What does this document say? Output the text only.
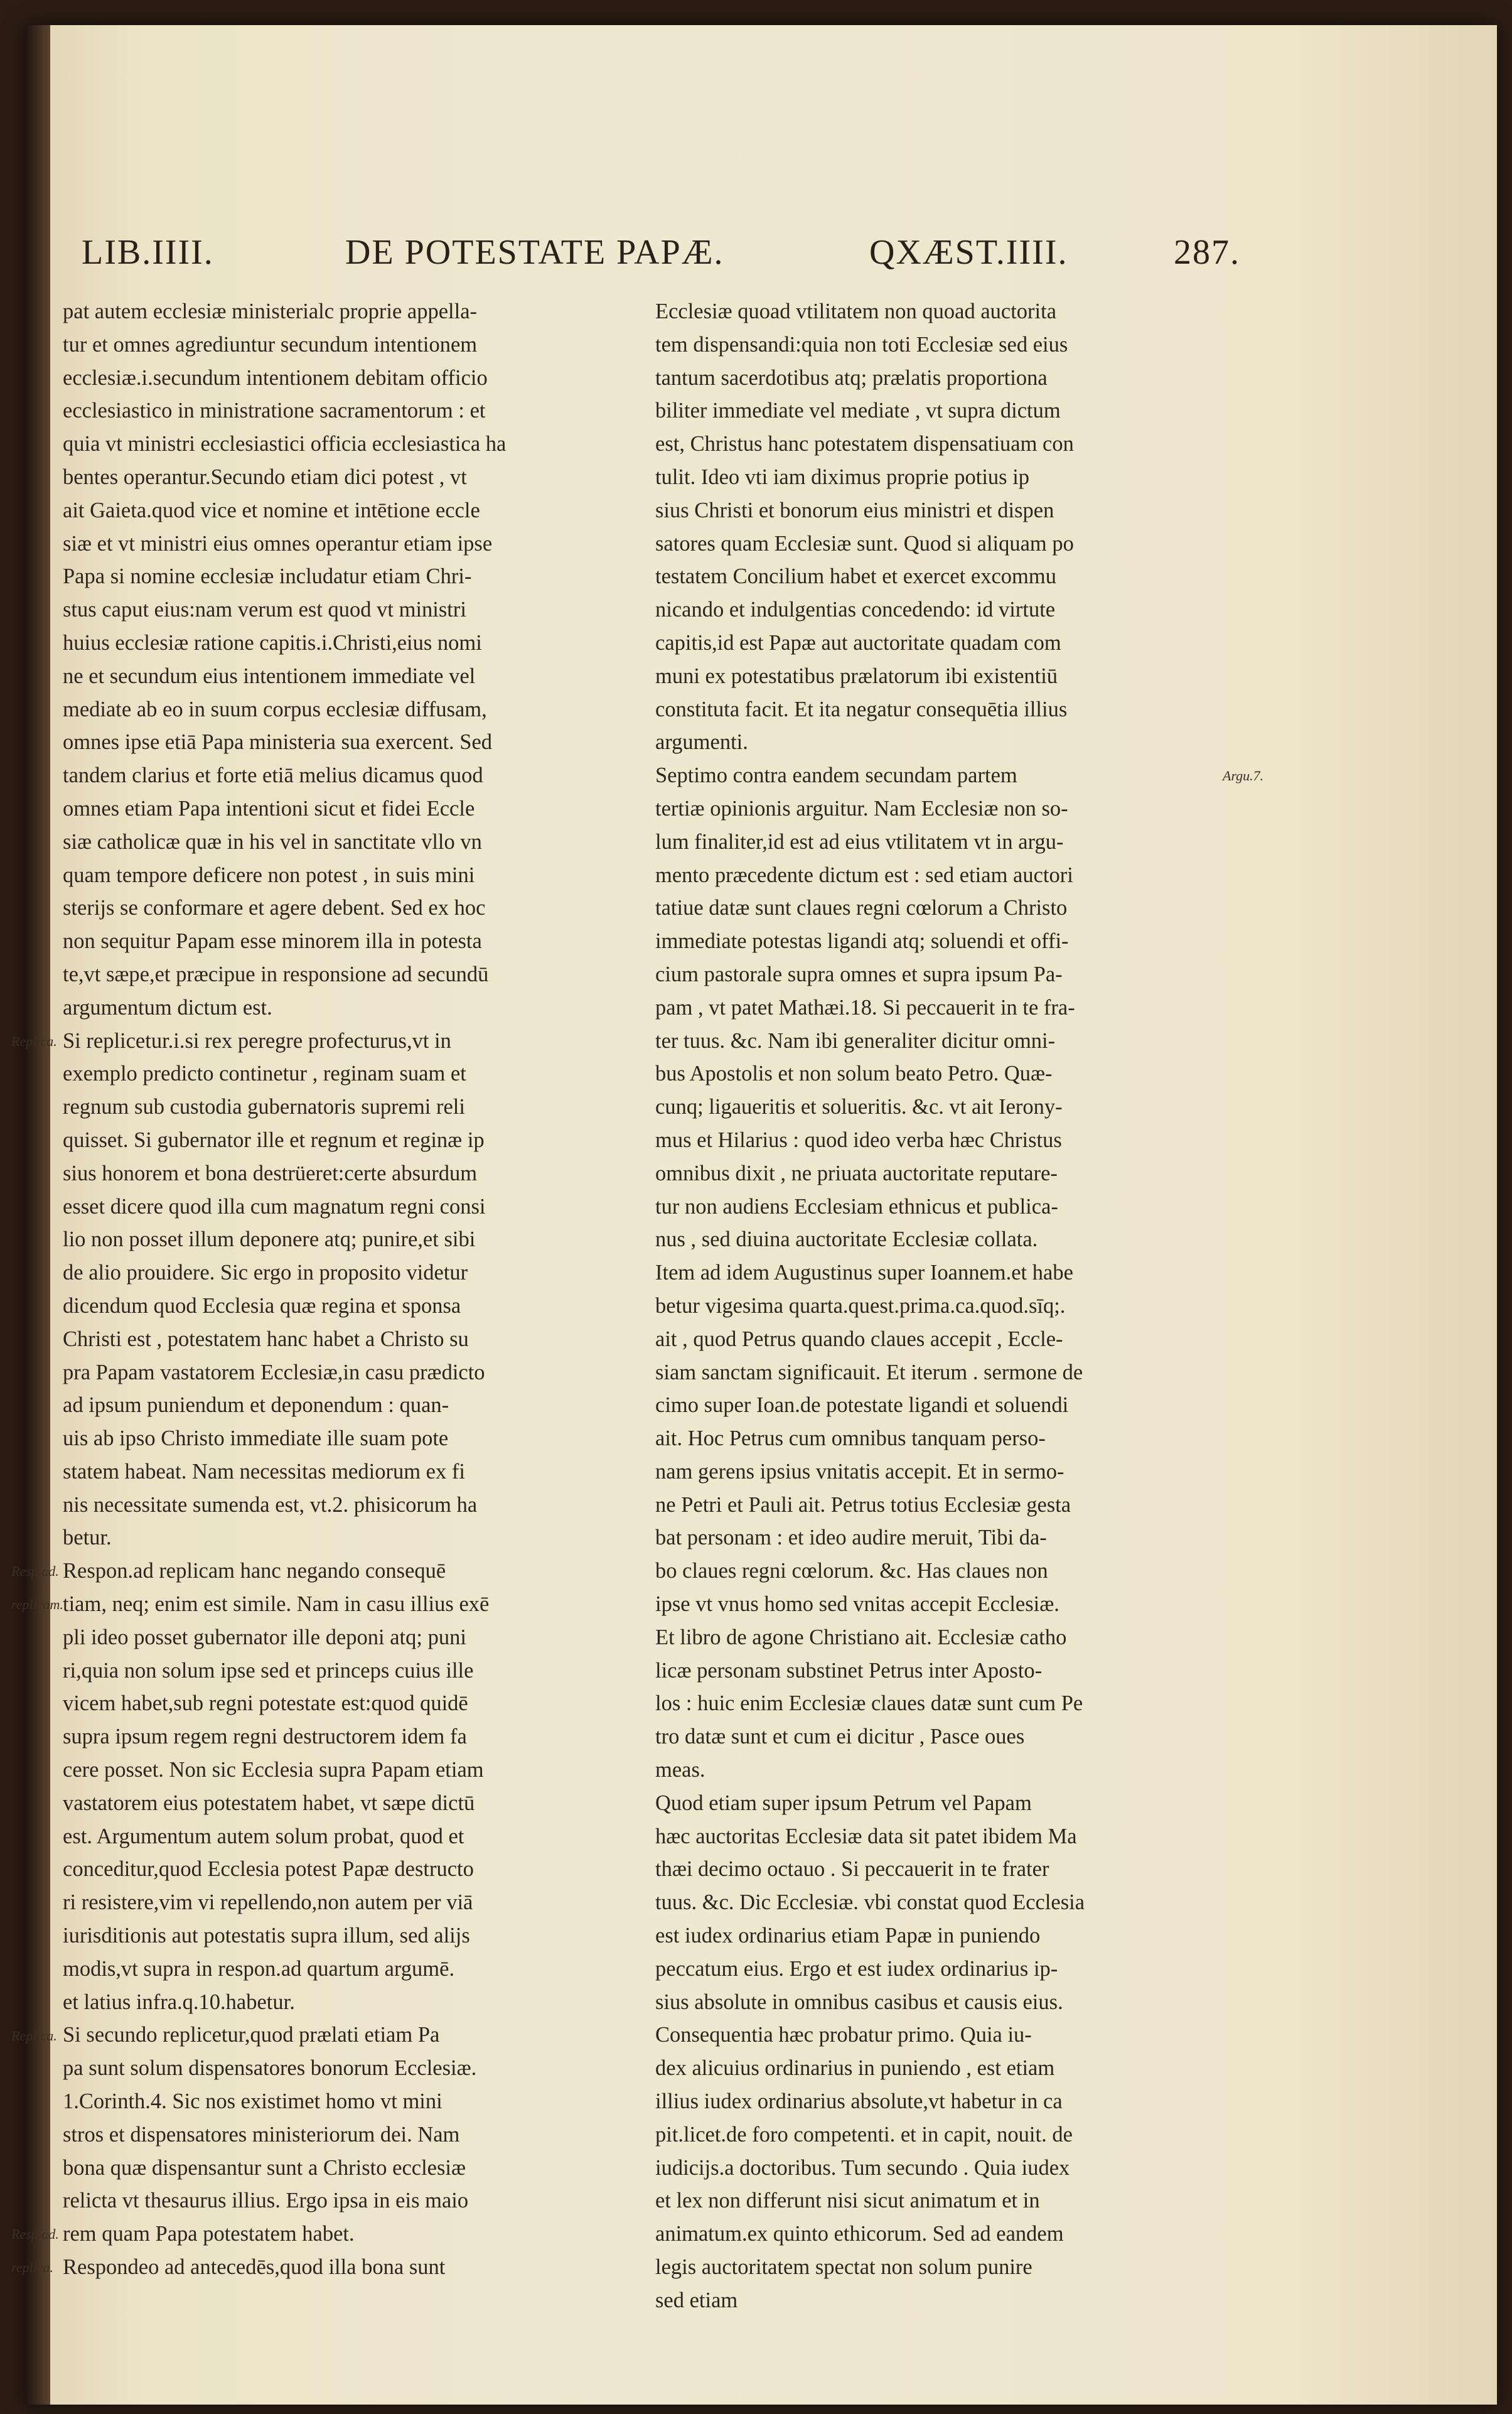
LIB.IIII.	DE POTESTATE PAPÆ.	QXÆST.IIII.	287.
pat autem ecclesiæ ministerialc proprie appella-
tur et omnes agrediuntur secundum intentionem
ecclesiæ.i.secundum intentionem debitam officio
ecclesiastico in ministratione sacramentorum : et
quia vt ministri ecclesiastici officia ecclesiastica ha
bentes operantur.Secundo etiam dici potest , vt
ait Gaieta.quod vice et nomine et intētione eccle
siæ et vt ministri eius omnes operantur etiam ipse
Papa si nomine ecclesiæ includatur etiam Chri-
stus caput eius:nam verum est quod vt ministri
huius ecclesiæ ratione capitis.i.Christi,eius nomi
ne et secundum eius intentionem immediate vel
mediate ab eo in suum corpus ecclesiæ diffusam,
omnes ipse etiā Papa ministeria sua exercent. Sed
tandem clarius et forte etiā melius dicamus quod
omnes etiam Papa intentioni sicut et fidei Eccle
siæ catholicæ quæ in his vel in sanctitate vllo vn
quam tempore deficere non potest , in suis mini
sterijs se conformare et agere debent. Sed ex hoc
non sequitur Papam esse minorem illa in potesta
te,vt sæpe,et præcipue in responsione ad secundū
argumentum dictum est.
Si replicetur.i.si rex peregre profecturus,vt in
exemplo predicto continetur , reginam suam et
regnum sub custodia gubernatoris supremi reli
quisset. Si gubernator ille et regnum et reginæ ip
sius honorem et bona destrüeret:certe absurdum
esset dicere quod illa cum magnatum regni consi
lio non posset illum deponere atq; punire,et sibi
de alio prouidere. Sic ergo in proposito videtur
dicendum quod Ecclesia quæ regina et sponsa
Christi est , potestatem hanc habet a Christo su
pra Papam vastatorem Ecclesiæ,in casu prædicto
ad ipsum puniendum et deponendum : quan-
uis ab ipso Christo immediate ille suam pote
statem habeat. Nam necessitas mediorum ex fi
nis necessitate sumenda est, vt.2. phisicorum ha
betur.
Respon.ad replicam hanc negando consequē
tiam, neq; enim est simile. Nam in casu illius exē
pli ideo posset gubernator ille deponi atq; puni
ri,quia non solum ipse sed et princeps cuius ille
vicem habet,sub regni potestate est:quod quidē
supra ipsum regem regni destructorem idem fa
cere posset. Non sic Ecclesia supra Papam etiam
vastatorem eius potestatem habet, vt sæpe dictū
est. Argumentum autem solum probat, quod et
conceditur,quod Ecclesia potest Papæ destructo
ri resistere,vim vi repellendo,non autem per viā
iurisditionis aut potestatis supra illum, sed alijs
modis,vt supra in respon.ad quartum argumē.
et latius infra.q.10.habetur.
Si secundo replicetur,quod prælati etiam Pa
pa sunt solum dispensatores bonorum Ecclesiæ.
1.Corinth.4. Sic nos existimet homo vt mini
stros et dispensatores ministeriorum dei. Nam
bona quæ dispensantur sunt a Christo ecclesiæ
relicta vt thesaurus illius. Ergo ipsa in eis maio
rem quam Papa potestatem habet.
Respondeo ad antecedēs,quod illa bona sunt
Ecclesiæ quoad vtilitatem non quoad auctorita
tem dispensandi:quia non toti Ecclesiæ sed eius
tantum sacerdotibus atq; prælatis proportiona
biliter immediate vel mediate , vt supra dictum
est, Christus hanc potestatem dispensatiuam con
tulit. Ideo vti iam diximus proprie potius ip
sius Christi et bonorum eius ministri et dispen
satores quam Ecclesiæ sunt. Quod si aliquam po
testatem Concilium habet et exercet excommu
nicando et indulgentias concedendo: id virtute
capitis,id est Papæ aut auctoritate quadam com
muni ex potestatibus prælatorum ibi existentiū
constituta facit. Et ita negatur consequētia illius
argumenti.
Septimo contra eandem secundam partem
tertiæ opinionis arguitur. Nam Ecclesiæ non so-
lum finaliter,id est ad eius vtilitatem vt in argu-
mento præcedente dictum est : sed etiam auctori
tatiue datæ sunt claues regni cœlorum a Christo
immediate potestas ligandi atq; soluendi et offi-
cium pastorale supra omnes et supra ipsum Pa-
pam , vt patet Mathæi.18. Si peccauerit in te fra-
ter tuus. &c. Nam ibi generaliter dicitur omni-
bus Apostolis et non solum beato Petro. Quæ-
cunq; ligaueritis et solueritis. &c. vt ait Ierony-
mus et Hilarius : quod ideo verba hæc Christus
omnibus dixit , ne priuata auctoritate reputare-
tur non audiens Ecclesiam ethnicus et publica-
nus , sed diuina auctoritate Ecclesiæ collata.
Item ad idem Augustinus super Ioannem.et habe
betur vigesima quarta.quest.prima.ca.quod.sīq;.
ait , quod Petrus quando claues accepit , Eccle-
siam sanctam significauit. Et iterum . sermone de
cimo super Ioan.de potestate ligandi et soluendi
ait. Hoc Petrus cum omnibus tanquam perso-
nam gerens ipsius vnitatis accepit. Et in sermo-
ne Petri et Pauli ait. Petrus totius Ecclesiæ gesta
bat personam : et ideo audire meruit, Tibi da-
bo claues regni cœlorum. &c. Has claues non
ipse vt vnus homo sed vnitas accepit Ecclesiæ.
Et libro de agone Christiano ait. Ecclesiæ catho
licæ personam substinet Petrus inter Aposto-
los : huic enim Ecclesiæ claues datæ sunt cum Pe
tro datæ sunt et cum ei dicitur , Pasce oues
meas.
Quod etiam super ipsum Petrum vel Papam
hæc auctoritas Ecclesiæ data sit patet ibidem Ma
thæi decimo octauo . Si peccauerit in te frater
tuus. &c. Dic Ecclesiæ. vbi constat quod Ecclesia
est iudex ordinarius etiam Papæ in puniendo
peccatum eius. Ergo et est iudex ordinarius ip-
sius absolute in omnibus casibus et causis eius.
Consequentia hæc probatur primo. Quia iu-
dex alicuius ordinarius in puniendo , est etiam
illius iudex ordinarius absolute,vt habetur in ca
pit.licet.de foro competenti. et in capit, nouit. de
iudicijs.a doctoribus. Tum secundo . Quia iudex
et lex non differunt nisi sicut animatum et in
animatum.ex quinto ethicorum. Sed ad eandem
legis auctoritatem spectat non solum punire
sed etiam
Argu.7.
Replica.
Resp.ad.
replicam.
Replica.
Resp.ad.
replica.
